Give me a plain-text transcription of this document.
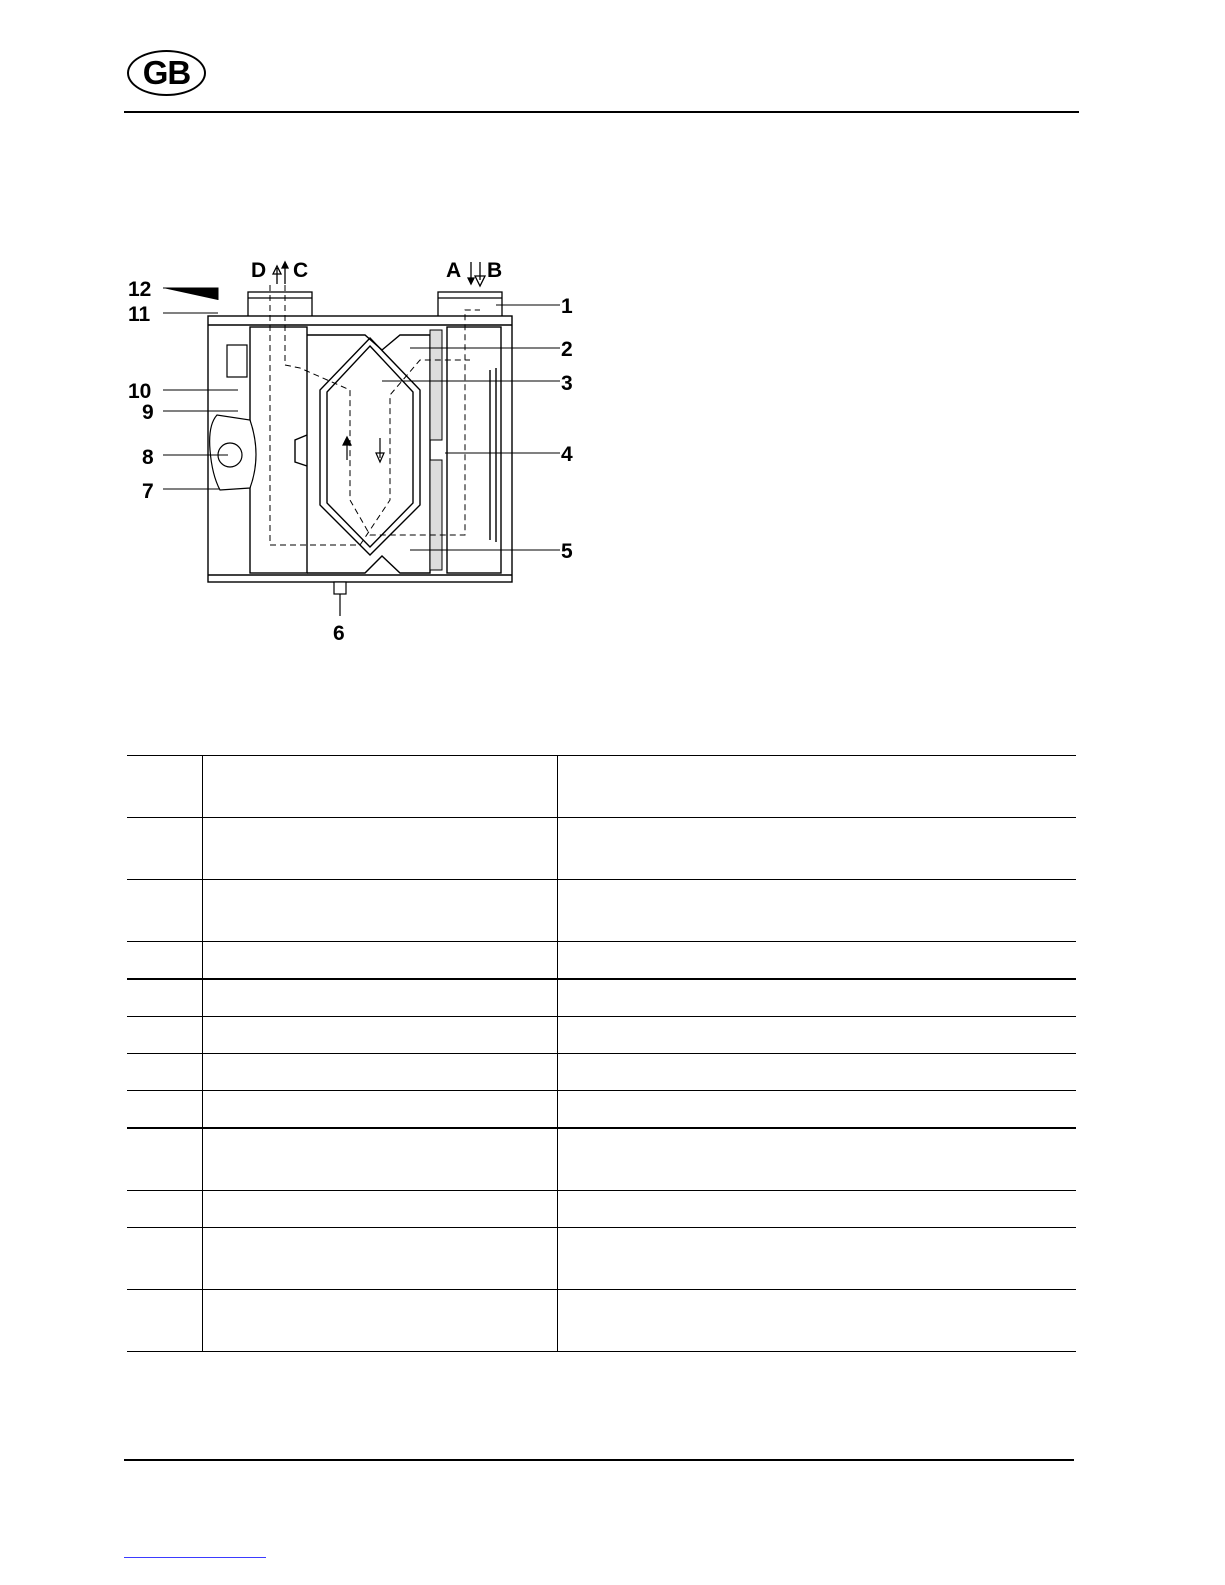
GB
D C	A B
1
2
3
4
5
6
7
8
9
10
11
12
